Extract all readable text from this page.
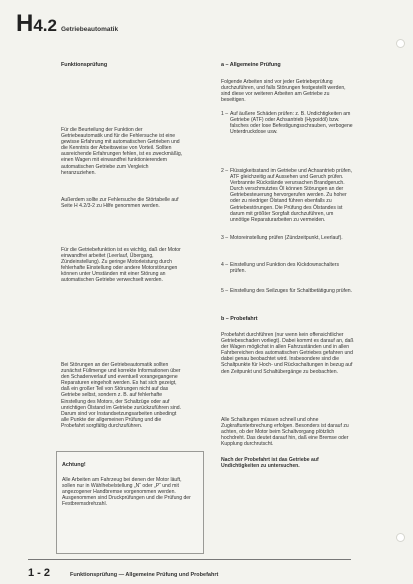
H4.2 Getriebeautomatik
Funktionsprüfung
Für die Beurteilung der Funktion der Getriebeautomatik und für die Fehlersuche ist eine gewisse Erfahrung mit automatischen Getrieben und die Kenntnis der Arbeitsweise von Vorteil. Sollten ausreichende Erfahrungen fehlen, ist es zweckmäßig, einen Wagen mit einwandfrei funktionierendem automatischen Getriebe zum Vergleich heranzuziehen.
Außerdem sollte zur Fehlersuche die Störtabelle auf Seite H 4.2/3-2 zu Hilfe genommen werden.
Für die Getriebefunktion ist es wichtig, daß der Motor einwandfrei arbeitet (Leerlauf, Übergang, Zündeinstellung). Zu geringe Motorleistung durch fehlerhafte Einstellung oder andere Motorstörungen können unter Umständen mit einer Störung an automatischen Getriebe verwechselt werden.
Bei Störungen an der Getriebeautomatik sollten zunächst Füllmenge und korrekte Informationen über den Schadenverlauf und eventuell vorangegangene Reparaturen eingeholt werden. Es hat sich gezeigt, daß ein großer Teil von Störungen nicht auf das Getriebe selbst, sondern z. B. auf fehlerhafte Einstellung des Motors, der Schaltzüge oder auf unrichtigen Ölstand im Getriebe zurückzuführen sind. Darum sind vor Instandsetzungsarbeiten unbedingt alle Punkte der allgemeinen Prüfung und die Probefahrt sorgfältig durchzuführen.
Achtung!
Alle Arbeiten am Fahrzeug bei denen der Motor läuft, sollen nur in Wählhebelstellung „N“ oder „P“ und mit angezogener Handbremse vorgenommen werden. Ausgenommen sind Druckprüfungen und die Prüfung der Festbremsdrehzahl.
a – Allgemeine Prüfung
Folgende Arbeiten sind vor jeder Getriebeprüfung durchzuführen, und falls Störungen festgestellt werden, sind diese vor weiteren Arbeiten am Getriebe zu beseitigen.
1 – Auf äußere Schäden prüfen: z. B. Undichtigkeiten am Getriebe (ATF) oder Achsantrieb (Hypoidöl) bzw. falsches oder lose Befestigungsschrauben, verbogene Unterdruckdose usw.
2 – Flüssigkeitsstand im Getriebe und Achsantrieb prüfen, ATF gleichzeitig auf Aussehen und Geruch prüfen. Verbrannte Rückstände verursachen Brandgeruch. Durch verschmutztes Öl können Störungen an der Getriebesteuerung hervorgerufen werden. Zu hoher oder zu niedriger Ölstand führen ebenfalls zu Getriebestörungen. Die Prüfung des Ölstandes ist darum mit größter Sorgfalt durchzuführen, um unnötige Reparaturarbeiten zu vermeiden.
3 – Motoreinstellung prüfen (Zündzeitpunkt, Leerlauf).
4 – Einstellung und Funktion des Kickdownschalters prüfen.
5 – Einstellung des Seilzuges für Schaltbetätigung prüfen.
b – Probefahrt
Probefahrt durchführen (nur wenn kein offensichtlicher Getriebeschaden vorliegt). Dabei kommt es darauf an, daß der Wagen möglichst in allen Fahrzuständen und in allen Fahrbereichen des automatischen Getriebes gefahren und dabei genau beobachtet wird. Insbesondere sind die Schaltpunkte für Hoch- und Rückschaltungen in bezug auf den Zeitpunkt und Schaltübergänge zu beobachten.
Alle Schaltungen müssen schnell und ohne Zugkraftunterbrechung erfolgen. Besonders ist darauf zu achten, ob der Motor beim Schaltvorgang plötzlich hochdreht. Das deutet darauf hin, daß eine Bremse oder Kupplung durchrutscht.
Nach der Probefahrt ist das Getriebe auf Undichtigkeiten zu untersuchen.
1 - 2	Funktionsprüfung — Allgemeine Prüfung und Probefahrt
